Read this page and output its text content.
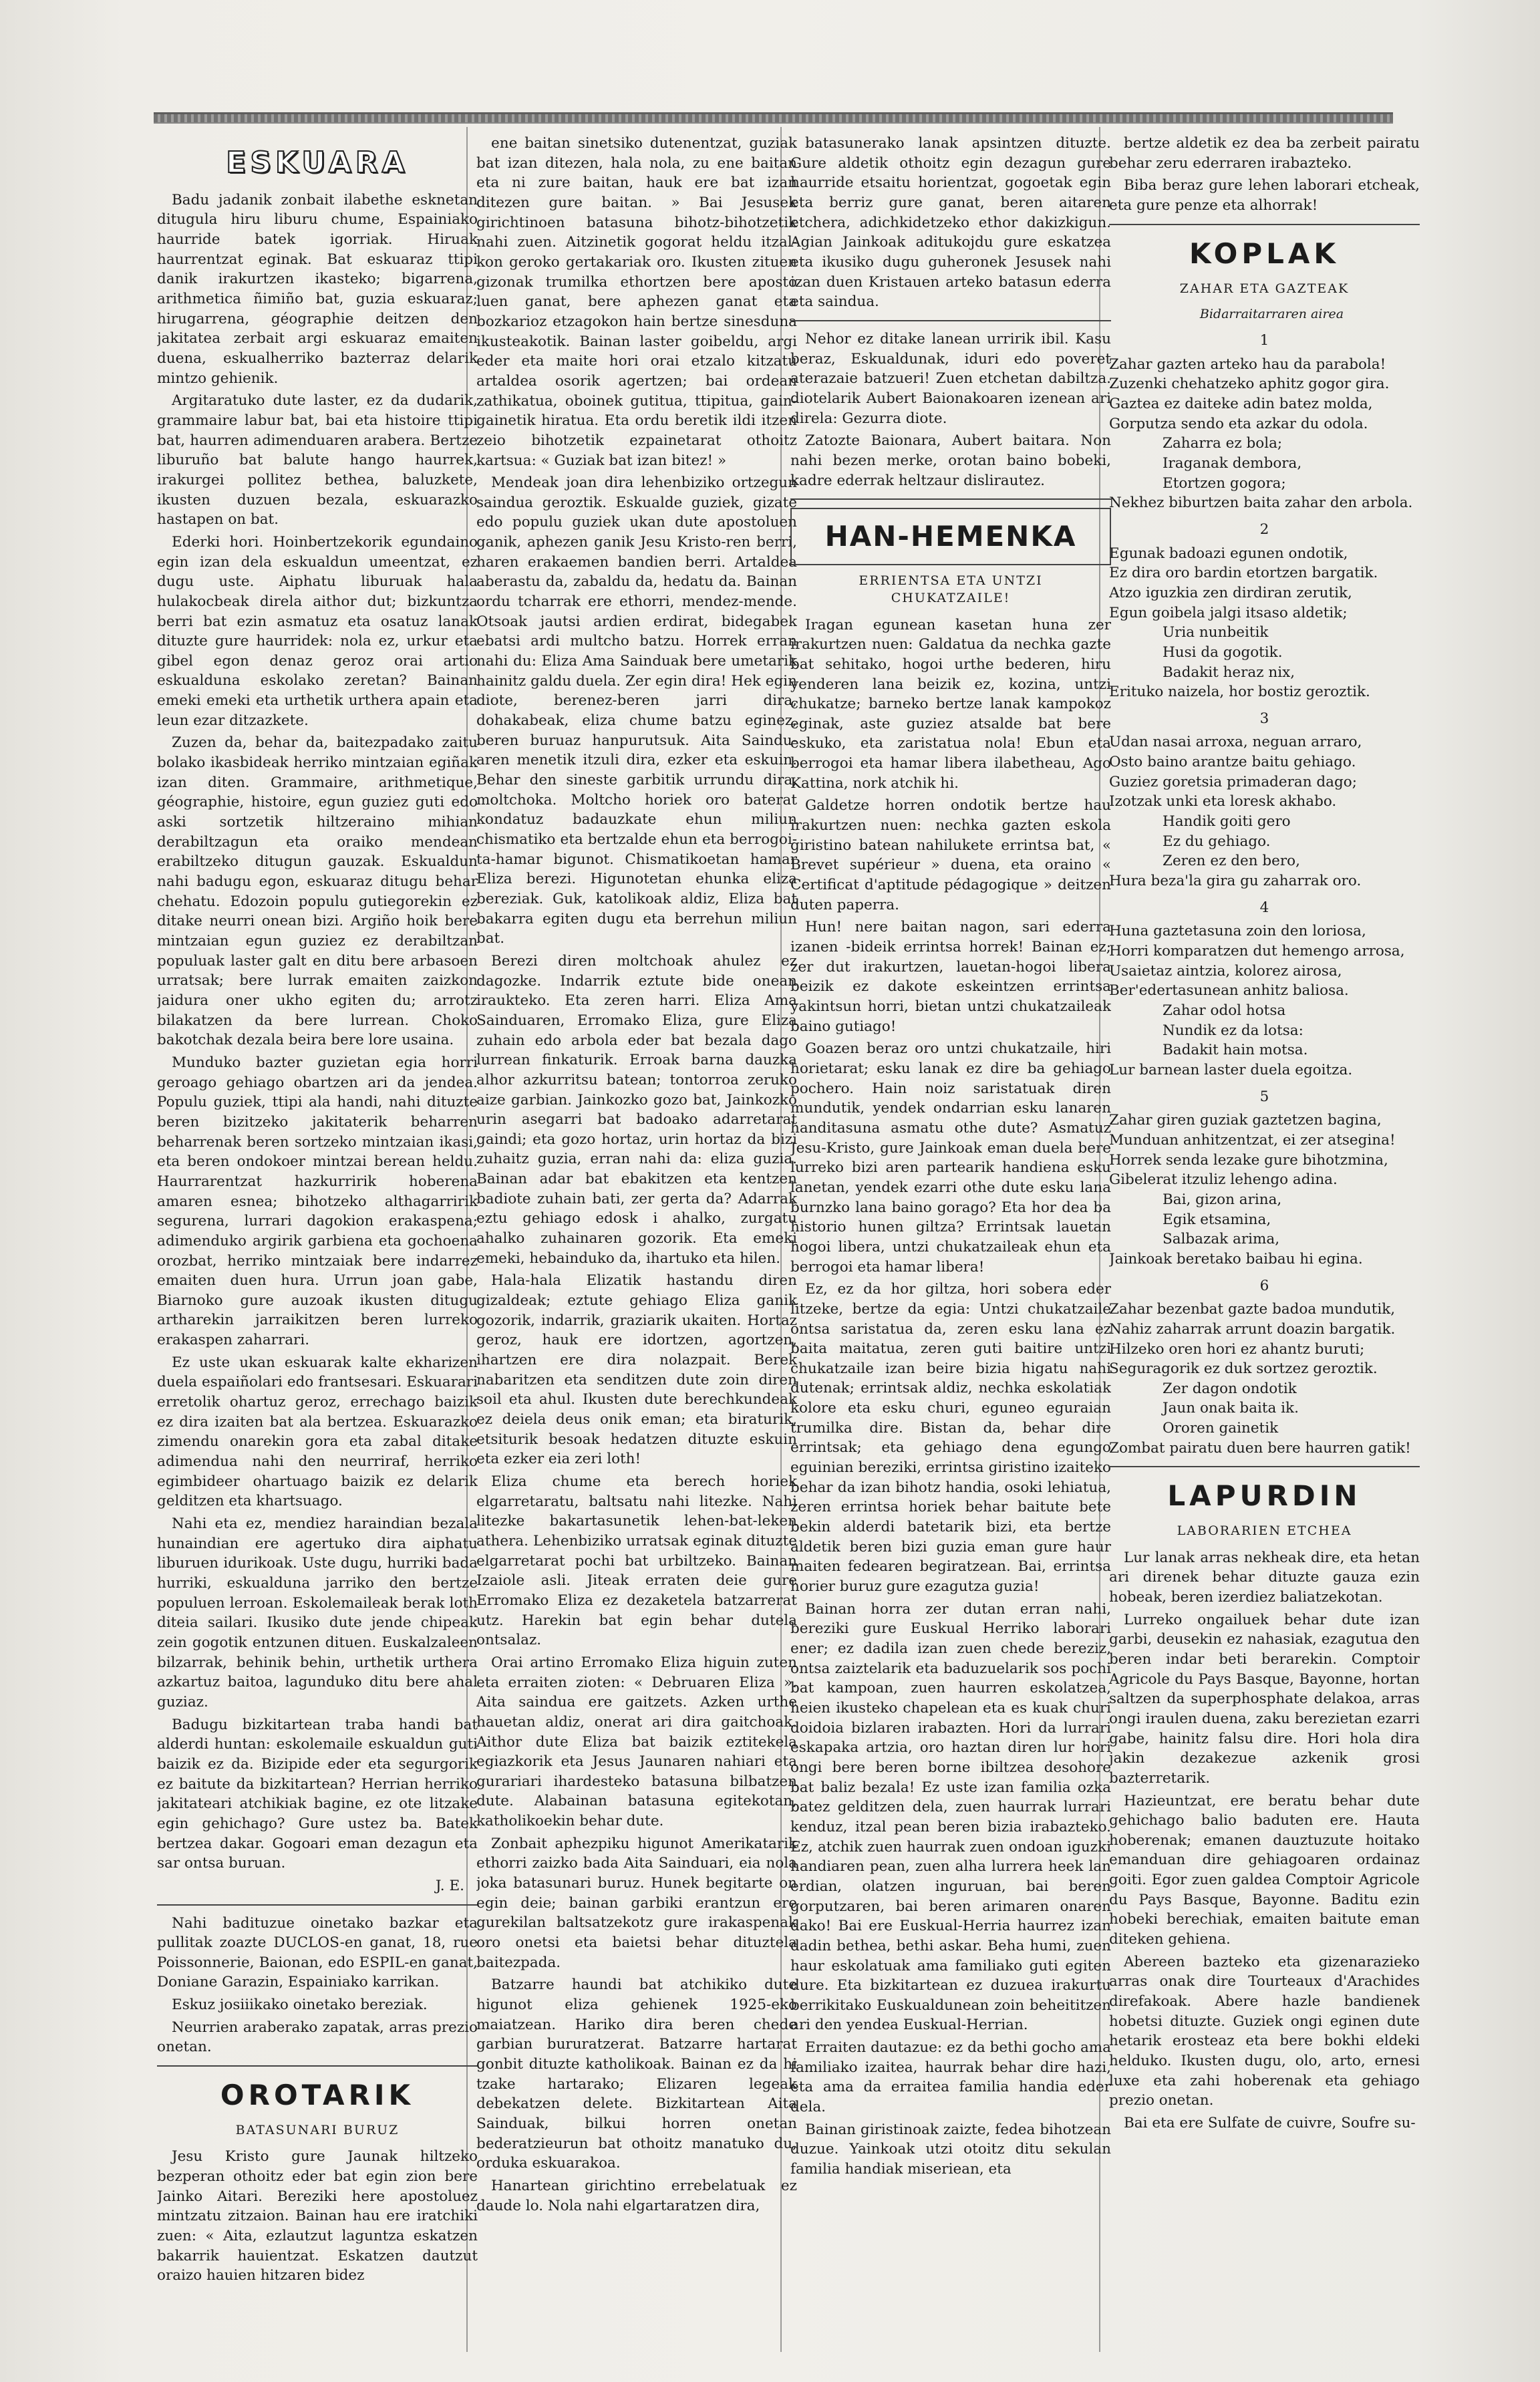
ESKUARA

Badu jadanik zonbait ilabethe esknetan ditugula hiru liburu chume, Espainiako haurride batek igorriak. Hiruak haurrentzat eginak. Bat eskuaraz ttipi danik irakurtzen ikasteko; bigarrena, arithmetica ñimiño bat, guzia eskuaraz; hirugarrena, géographie deitzen den jakitatea zerbait argi eskuaraz emaiten duena, eskualherriko bazterraz delarik mintzo gehienik.

Argitaratuko dute laster, ez da dudarik, grammaire labur bat, bai eta histoire ttipi bat, haurren adimenduaren arabera. Bertze liburuño bat balute hango haurrek, irakurgei pollitez bethea, baluzkete, ikusten duzuen bezala, eskuarazko hastapen on bat.

Ederki hori. Hoinbertzekorik egundaino egin izan dela eskualdun umeentzat, ez dugu uste. Aiphatu liburuak hala hulakocbeak direla aithor dut; bizkuntza berri bat ezin asmatuz eta osatuz lanak dituzte gure haurridek: nola ez, urkur eta gibel egon denaz geroz orai artio eskualduna eskolako zeretan? Bainan emeki emeki eta urthetik urthera apain eta leun ezar ditzazkete.

Zuzen da, behar da, baitezpadako zaitu bolako ikasbideak herriko mintzaian egiñak izan diten. Grammaire, arithmetique, géographie, histoire, egun guziez guti edo aski sortzetik hiltzeraino mihian derabiltzagun eta oraiko mendean erabiltzeko ditugun gauzak. Eskualdun nahi badugu egon, eskuaraz ditugu behar chehatu. Edozoin populu gutiegorekin ez ditake neurri onean bizi. Argiño hoik bere mintzaian egun guziez ez derabiltzan populuak laster galt en ditu bere arbasoen urratsak; bere lurrak emaiten zaizkon jaidura oner ukho egiten du; arrotz bilakatzen da bere lurrean. Choko bakotchak dezala beira bere lore usaina.

Munduko bazter guzietan egia horri geroago gehiago obartzen ari da jendea. Populu guziek, ttipi ala handi, nahi dituzte beren bizitzeko jakitaterik beharren beharrenak beren sortzeko mintzaian ikasi, eta beren ondokoer mintzai berean heldu. Haurrarentzat hazkurririk hoberena amaren esnea; bihotzeko althagarririk segurena, lurrari dagokion erakaspena; adimenduko argirik garbiena eta gochoena orozbat, herriko mintzaiak bere indarrez emaiten duen hura. Urrun joan gabe, Biarnoko gure auzoak ikusten ditugu artharekin jarraikitzen beren lurreko erakaspen zaharrari.

Ez uste ukan eskuarak kalte ekharizen duela espaiñolari edo frantsesari. Eskuarari erretolik ohartuz geroz, errechago baizik ez dira izaiten bat ala bertzea. Eskuarazko zimendu onarekin gora eta zabal ditake adimendua nahi den neurriraf, herriko egimbideer ohartuago baizik ez delarik gelditzen eta khartsuago.

Nahi eta ez, mendiez haraindian bezala hunaindian ere agertuko dira aiphatu liburuen idurikoak. Uste dugu, hurriki bada hurriki, eskualduna jarriko den bertze populuen lerroan. Eskolemaileak berak loth diteia sailari. Ikusiko dute jende chipeak zein gogotik entzunen dituen. Euskalzaleen bilzarrak, behinik behin, urthetik urthera azkartuz baitoa, lagunduko ditu bere ahal guziaz.

Badugu bizkitartean traba handi bat alderdi huntan: eskolemaile eskualdun guti baizik ez da. Bizipide eder eta segurgorik ez baitute da bizkitartean? Herrian herriko jakitateari atchikiak bagine, ez ote litzake egin gehichago? Gure ustez ba. Batek bertzea dakar. Gogoari eman dezagun eta sar ontsa buruan.

J. E.

Nahi badituzue oinetako bazkar eta pullitak zoazte DUCLOS-en ganat, 18, rue Poissonnerie, Baionan, edo ESPIL-en ganat, Doniane Garazin, Espainiako karrikan.

Eskuz josiiikako oinetako bereziak.

Neurrien araberako zapatak, arras prezio onetan.

OROTARIK

BATASUNARI BURUZ

Jesu Kristo gure Jaunak hiltzeko bezperan othoitz eder bat egin zion bere Jainko Aitari. Bereziki here apostoluez mintzatu zitzaion. Bainan hau ere iratchiki zuen: « Aita, ezlautzut laguntza eskatzen bakarrik hauientzat. Eskatzen dautzut oraizo hauien hitzaren bidez

ene baitan sinetsiko dutenentzat, guziak bat izan ditezen, hala nola, zu ene baitan eta ni zure baitan, hauk ere bat izan ditezen gure baitan. » Bai Jesusek girichtinoen batasuna bihotz-bihotzetik nahi zuen. Aitzinetik gogorat heldu itzal-kon geroko gertakariak oro. Ikusten zituen gizonak trumilka ethortzen bere aposto luen ganat, bere aphezen ganat eta bozkarioz etzagokon hain bertze sinesduna ikusteakotik. Bainan laster goibeldu, argi eder eta maite hori orai etzalo kitzatu artaldea osorik agertzen; bai ordean zathikatua, oboinek gutitua, ttipitua, gain-gainetik hiratua. Eta ordu beretik ildi itzen zeio bihotzetik ezpainetarat othoitz kartsua: « Guziak bat izan bitez! »

Mendeak joan dira lehenbiziko ortzegun saindua geroztik. Eskualde guziek, gizate edo populu guziek ukan dute apostoluen ganik, aphezen ganik Jesu Kristo-ren berri, haren erakaemen bandien berri. Artaldea aberastu da, zabaldu da, hedatu da. Bainan ordu tcharrak ere ethorri, mendez-mende. Otsoak jautsi ardien erdirat, bidegabek ebatsi ardi multcho batzu. Horrek erran nahi du: Eliza Ama Sainduak bere umetarik hainitz galdu duela. Zer egin dira! Hek egin diote, berenez-beren jarri dira, dohakabeak, eliza chume batzu eginez, beren buruaz hanpurutsuk. Aita Saindu-aren menetik itzuli dira, ezker eta eskuin. Behar den sineste garbitik urrundu dira, moltchoka. Moltcho horiek oro baterat kondatuz badauzkate ehun miliun chismatiko eta bertzalde ehun eta berrogoi-ta-hamar bigunot. Chismatikoetan hamar Eliza berezi. Higunotetan ehunka eliza bereziak. Guk, katolikoak aldiz, Eliza bat bakarra egiten dugu eta berrehun miliun bat.

Berezi diren moltchoak ahulez ez dagozke. Indarrik eztute bide onean iraukteko. Eta zeren harri. Eliza Ama Sainduaren, Erromako Eliza, gure Eliza zuhain edo arbola eder bat bezala dago lurrean finkaturik. Erroak barna dauzka alhor azkurritsu batean; tontorroa zeruko aize garbian. Jainkozko gozo bat, Jainkozko urin asegarri bat badoako adarretarat gaindi; eta gozo hortaz, urin hortaz da bizi zuhaitz guzia, erran nahi da: eliza guzia. Bainan adar bat ebakitzen eta kentzen badiote zuhain bati, zer gerta da? Adarrak eztu gehiago edosk i ahalko, zurgatu ahalko zuhainaren gozorik. Eta emeki emeki, hebainduko da, ihartuko eta hilen.

Hala-hala Elizatik hastandu diren gizaldeak; eztute gehiago Eliza ganik gozorik, indarrik, graziarik ukaiten. Hortaz geroz, hauk ere idortzen, agortzen, ihartzen ere dira nolazpait. Berek nabaritzen eta senditzen dute zoin diren soil eta ahul. Ikusten dute berechkundeak ez deiela deus onik eman; eta biraturik, etsiturik besoak hedatzen dituzte eskuin eta ezker eia zeri loth!

Eliza chume eta berech horiek elgarretaratu, baltsatu nahi litezke. Nahi litezke bakartasunetik lehen-bat-leken athera. Lehenbiziko urratsak eginak dituzte elgarretarat pochi bat urbiltzeko. Bainan Izaiole asli. Jiteak erraten deie gure Erromako Eliza ez dezaketela batzarrerat utz. Harekin bat egin behar dutela ontsalaz.

Orai artino Erromako Eliza higuin zuten eta erraiten zioten: « Debruaren Eliza ». Aita saindua ere gaitzets. Azken urthe hauetan aldiz, onerat ari dira gaitchoak. Aithor dute Eliza bat baizik eztitekela egiazkorik eta Jesus Jaunaren nahiari eta gurariari ihardesteko batasuna bilbatzen dute. Alabainan batasuna egitekotan, katholikoekin behar dute.

Zonbait aphezpiku higunot Amerikatarik ethorri zaizko bada Aita Sainduari, eia nola joka batasunari buruz. Hunek begitarte on egin deie; bainan garbiki erantzun ere gurekilan baltsatzekotz gure irakaspenak oro onetsi eta baietsi behar dituztela baitezpada.

Batzarre haundi bat atchikiko dute higunot eliza gehienek 1925-eko maiatzean. Hariko dira beren chede garbian bururatzerat. Batzarre hartarat gonbit dituzte katholikoak. Bainan ez da hi tzake hartarako; Elizaren legeak debekatzen delete. Bizkitartean Aita Sainduak, bilkui horren onetan bederatzieurun bat othoitz manatuko du, orduka eskuarakoa.

Hanartean girichtino errebelatuak ez daude lo. Nola nahi elgartaratzen dira,

batasunerako lanak apsintzen dituzte. Gure aldetik othoitz egin dezagun gure haurride etsaitu horientzat, gogoetak egin eta berriz gure ganat, beren aitaren etchera, adichkidetzeko ethor dakizkigun. Agian Jainkoak aditukojdu gure eskatzea eta ikusiko dugu guheronek Jesusek nahi izan duen Kristauen arteko batasun ederra eta saindua.

Nehor ez ditake lanean urririk ibil. Kasu beraz, Eskualdunak, iduri edo poveret aterazaie batzueri! Zuen etchetan dabiltza. diotelarik Aubert Baionakoaren izenean ari direla: Gezurra diote.

Zatozte Baionara, Aubert baitara. Non nahi bezen merke, orotan baino bobeki, kadre ederrak heltzaur dislirautez.

HAN-HEMENKA

ERRIENTSA ETA UNTZI

CHUKATZAILE!

Iragan egunean kasetan huna zer irakurtzen nuen: Galdatua da nechka gazte bat sehitako, hogoi urthe bederen, hiru yenderen lana beizik ez, kozina, untzi chukatze; barneko bertze lanak kampokoz eginak, aste guziez atsalde bat bere eskuko, eta zaristatua nola! Ebun eta berrogoi eta hamar libera ilabetheau, Ago Kattina, nork atchik hi.

Galdetze horren ondotik bertze hau irakurtzen nuen: nechka gazten eskola giristino batean nahilukete errintsa bat, « Brevet supérieur » duena, eta oraino « Certificat d'aptitude pédagogique » deitzen duten paperra.

Hun! nere baitan nagon, sari ederra izanen -bideik errintsa horrek! Bainan ez; zer dut irakurtzen, lauetan-hogoi libera beizik ez dakote eskeintzen errintsa yakintsun horri, bietan untzi chukatzaileak baino gutiago!

Goazen beraz oro untzi chukatzaile, hiri horietarat; esku lanak ez dire ba gehiago pochero. Hain noiz saristatuak diren mundutik, yendek ondarrian esku lanaren handitasuna asmatu othe dute? Asmatuz Jesu-Kristo, gure Jainkoak eman duela bere lurreko bizi aren partearik handiena esku lanetan, yendek ezarri othe dute esku lana burnzko lana baino gorago? Eta hor dea ba historio hunen giltza? Errintsak lauetan hogoi libera, untzi chukatzaileak ehun eta berrogoi eta hamar libera!

Ez, ez da hor giltza, hori sobera eder litzeke, bertze da egia: Untzi chukatzaile ontsa saristatua da, zeren esku lana ez baita maitatua, zeren guti baitire untzi chukatzaile izan beire bizia higatu nahi dutenak; errintsak aldiz, nechka eskolatiak kolore eta esku churi, eguneo eguraian trumilka dire. Bistan da, behar dire errintsak; eta gehiago dena egungo eguinian bereziki, errintsa giristino izaiteko behar da izan bihotz handia, osoki lehiatua, zeren errintsa horiek behar baitute bete bekin alderdi batetarik bizi, eta bertze aldetik beren bizi guzia eman gure haur maiten fedearen begiratzean. Bai, errintsa horier buruz gure ezagutza guzia!

Bainan horra zer dutan erran nahi, bereziki gure Euskual Herriko laborari ener; ez dadila izan zuen chede bereziz, ontsa zaiztelarik eta baduzuelarik sos pochi bat kampoan, zuen haurren eskolatzea, heien ikusteko chapelean eta es kuak churi doidoia bizlaren irabazten. Hori da lurrari eskapaka artzia, oro haztan diren lur hori ongi bere beren borne ibiltzea desohore bat baliz bezala! Ez uste izan familia ozka batez gelditzen dela, zuen haurrak lurrari kenduz, itzal pean beren bizia irabazteko. Ez, atchik zuen haurrak zuen ondoan iguzki handiaren pean, zuen alha lurrera heek lan erdian, olatzen inguruan, bai beren gorputzaren, bai beren arimaren onaren dako! Bai ere Euskual-Herria haurrez izan dadin bethea, bethi askar. Beha humi, zuen haur eskolatuak ama familiako guti egiten dure. Eta bizkitartean ez duzuea irakurtu berrikitako Euskualdunean zoin beheititzen ari den yendea Euskual-Herrian.

Erraiten dautazue: ez da bethi gocho ama familiako izaitea, haurrak behar dire hazi, eta ama da erraitea familia handia eder dela.

Bainan giristinoak zaizte, fedea bihotzean duzue. Yainkoak utzi otoitz ditu sekulan familia handiak miseriean, eta

bertze aldetik ez dea ba zerbeit pairatu behar zeru ederraren irabazteko.

Biba beraz gure lehen laborari etcheak, eta gure penze eta alhorrak!

KOPLAK

ZAHAR ETA GAZTEAK

Bidarraitarraren airea

1

Zahar gazten arteko hau da parabola!

Zuzenki chehatzeko aphitz gogor gira.

Gaztea ez daiteke adin batez molda,

Gorputza sendo eta azkar du odola.

Zaharra ez bola;

Iraganak dembora,

Etortzen gogora;

Nekhez biburtzen baita zahar den arbola.

2

Egunak badoazi egunen ondotik,

Ez dira oro bardin etortzen bargatik.

Atzo iguzkia zen dirdiran zerutik,

Egun goibela jalgi itsaso aldetik;

Uria nunbeitik

Husi da gogotik.

Badakit heraz nix,

Erituko naizela, hor bostiz geroztik.

3

Udan nasai arroxa, neguan arraro,

Osto baino arantze baitu gehiago.

Guziez goretsia primaderan dago;

Izotzak unki eta loresk akhabo.

Handik goiti gero

Ez du gehiago.

Zeren ez den bero,

Hura beza'la gira gu zaharrak oro.

4

Huna gaztetasuna zoin den loriosa,

Horri komparatzen dut hemengo arrosa,

Usaietaz aintzia, kolorez airosa,

Ber'edertasunean anhitz baliosa.

Zahar odol hotsa

Nundik ez da lotsa:

Badakit hain motsa.

Lur barnean laster duela egoitza.

5

Zahar giren guziak gaztetzen bagina,

Munduan anhitzentzat, ei zer atsegina!

Horrek senda lezake gure bihotzmina,

Gibelerat itzuliz lehengo adina.

Bai, gizon arina,

Egik etsamina,

Salbazak arima,

Jainkoak beretako baibau hi egina.

6

Zahar bezenbat gazte badoa mundutik,

Nahiz zaharrak arrunt doazin bargatik.

Hilzeko oren hori ez ahantz buruti;

Seguragorik ez duk sortzez geroztik.

Zer dagon ondotik

Jaun onak baita ik.

Ororen gainetik

Zombat pairatu duen bere haurren gatik!

LAPURDIN

LABORARIEN ETCHEA

Lur lanak arras nekheak dire, eta hetan ari direnek behar dituzte gauza ezin hobeak, beren izerdiez baliatzekotan.

Lurreko ongailuek behar dute izan garbi, deusekin ez nahasiak, ezagutua den beren indar beti berarekin. Comptoir Agricole du Pays Basque, Bayonne, hortan saltzen da superphosphate delakoa, arras ongi iraulen duena, zaku berezietan ezarri gabe, hainitz falsu dire. Hori hola dira jakin dezakezue azkenik grosi bazterretarik.

Hazieuntzat, ere beratu behar dute gehichago balio baduten ere. Hauta hoberenak; emanen dauztuzute hoitako emanduan dire gehiagoaren ordainaz goiti. Egor zuen galdea Comptoir Agricole du Pays Basque, Bayonne. Baditu ezin hobeki berechiak, emaiten baitute eman diteken gehiena.

Abereen bazteko eta gizenarazieko arras onak dire Tourteaux d'Arachides direfakoak. Abere hazle bandienek hobetsi dituzte. Guziek ongi eginen dute hetarik erosteaz eta bere bokhi eldeki helduko. Ikusten dugu, olo, arto, ernesi luxe eta zahi hoberenak eta gehiago prezio onetan.

Bai eta ere Sulfate de cuivre, Soufre su-
